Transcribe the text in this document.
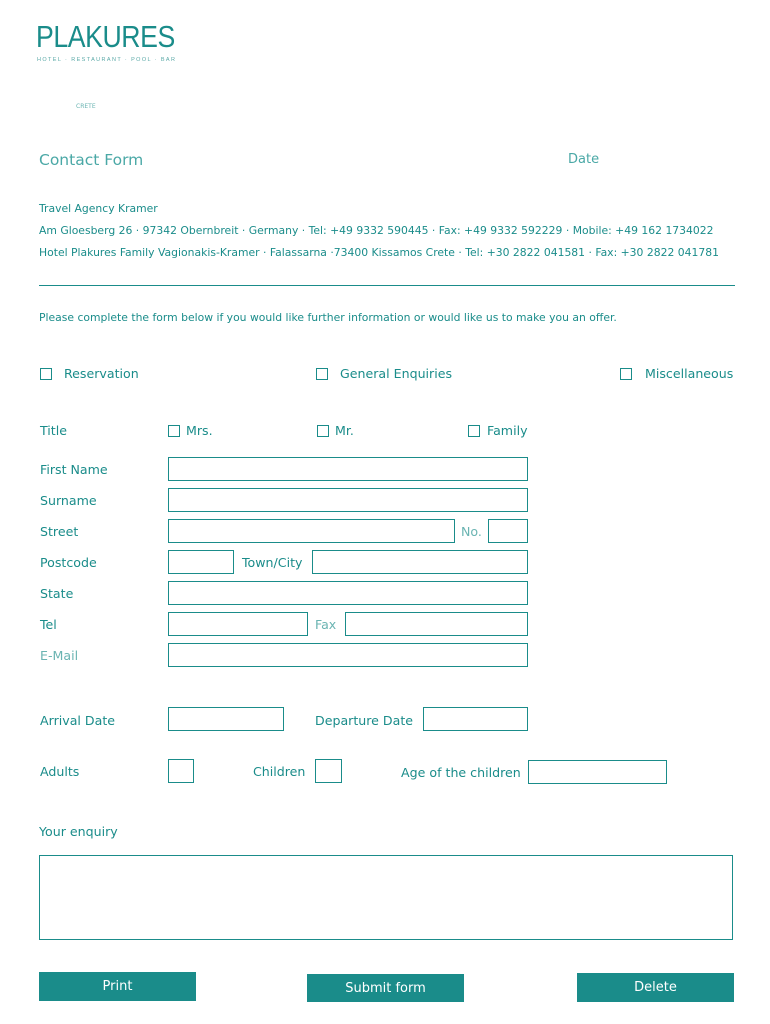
PLAKURES
HOTEL · RESTAURANT · POOL · BAR
CRETE
Contact Form	Date
Travel Agency Kramer
Am Gloesberg 26 · 97342 Obernbreit · Germany · Tel: +49 9332 590445 · Fax: +49 9332 592229 · Mobile: +49 162 1734022
Hotel Plakures Family Vagionakis-Kramer · Falassarna ·73400 Kissamos Crete · Tel: +30 2822 041581 · Fax: +30 2822 041781
Please complete the form below if you would like further information or would like us to make you an offer.
Reservation	General Enquiries	Miscellaneous
Title	Mrs.	Mr.	Family
First Name
Surname
Street	No.
Postcode	Town/City
State
Tel	Fax
E-Mail
Arrival Date	Departure Date
Adults	Children	Age of the children
Your enquiry
Print	Submit form	Delete
